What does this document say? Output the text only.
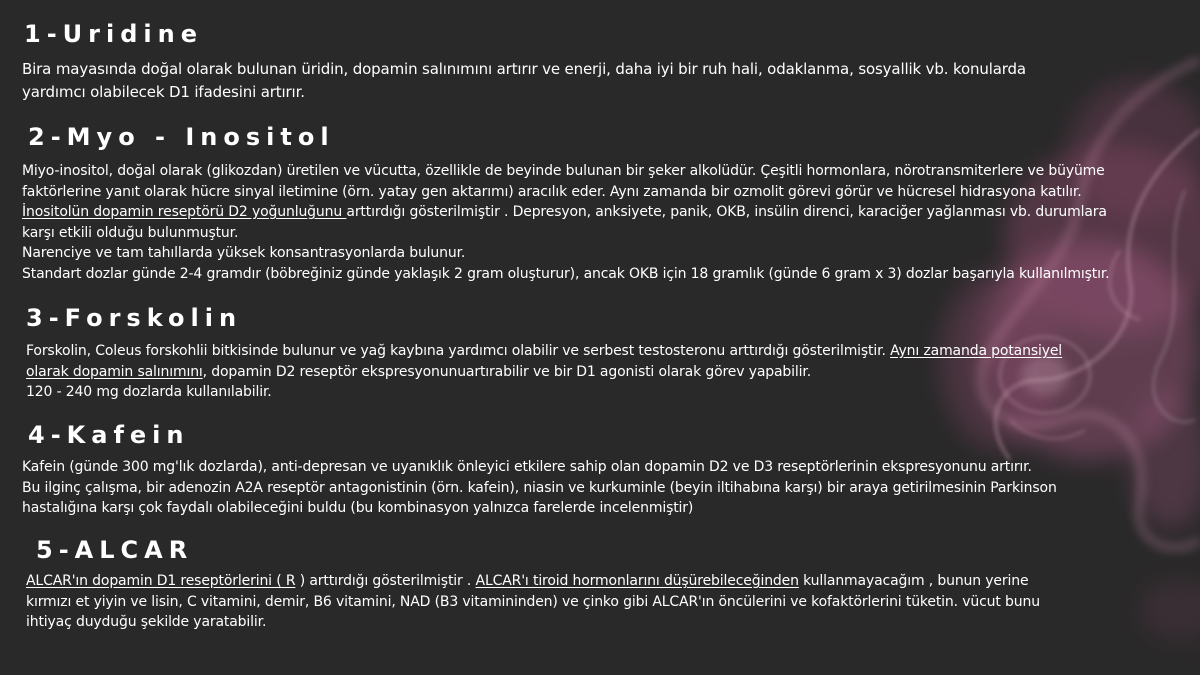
1-Uridine
Bira mayasında doğal olarak bulunan üridin, dopamin salınımını artırır ve enerji, daha iyi bir ruh hali, odaklanma, sosyallik vb. konularda
yardımcı olabilecek D1 ifadesini artırır.
2-Myo - Inositol
Miyo-inositol, doğal olarak (glikozdan) üretilen ve vücutta, özellikle de beyinde bulunan bir şeker alkolüdür. Çeşitli hormonlara, nörotransmiterlere ve büyüme
faktörlerine yanıt olarak hücre sinyal iletimine (örn. yatay gen aktarımı) aracılık eder. Aynı zamanda bir ozmolit görevi görür ve hücresel hidrasyona katılır.
İnositolün dopamin reseptörü D2 yoğunluğunu arttırdığı gösterilmiştir . Depresyon, anksiyete, panik, OKB, insülin direnci, karaciğer yağlanması vb. durumlara
karşı etkili olduğu bulunmuştur.
Narenciye ve tam tahıllarda yüksek konsantrasyonlarda bulunur.
Standart dozlar günde 2-4 gramdır (böbreğiniz günde yaklaşık 2 gram oluşturur), ancak OKB için 18 gramlık (günde 6 gram x 3) dozlar başarıyla kullanılmıştır.
3-Forskolin
Forskolin, Coleus forskohlii bitkisinde bulunur ve yağ kaybına yardımcı olabilir ve serbest testosteronu arttırdığı gösterilmiştir. Aynı zamanda potansiyel
olarak dopamin salınımını, dopamin D2 reseptör ekspresyonunuartırabilir ve bir D1 agonisti olarak görev yapabilir.
120 - 240 mg dozlarda kullanılabilir.
4-Kafein
Kafein (günde 300 mg'lık dozlarda), anti-depresan ve uyanıklık önleyici etkilere sahip olan dopamin D2 ve D3 reseptörlerinin ekspresyonunu artırır.
Bu ilginç çalışma, bir adenozin A2A reseptör antagonistinin (örn. kafein), niasin ve kurkuminle (beyin iltihabına karşı) bir araya getirilmesinin Parkinson
hastalığına karşı çok faydalı olabileceğini buldu (bu kombinasyon yalnızca farelerde incelenmiştir)
5-ALCAR
ALCAR'ın dopamin D1 reseptörlerini ( R ) arttırdığı gösterilmiştir . ALCAR'ı tiroid hormonlarını düşürebileceğinden kullanmayacağım , bunun yerine
kırmızı et yiyin ve lisin, C vitamini, demir, B6 vitamini, NAD (B3 vitamininden) ve çinko gibi ALCAR'ın öncülerini ve kofaktörlerini tüketin. vücut bunu
ihtiyaç duyduğu şekilde yaratabilir.
